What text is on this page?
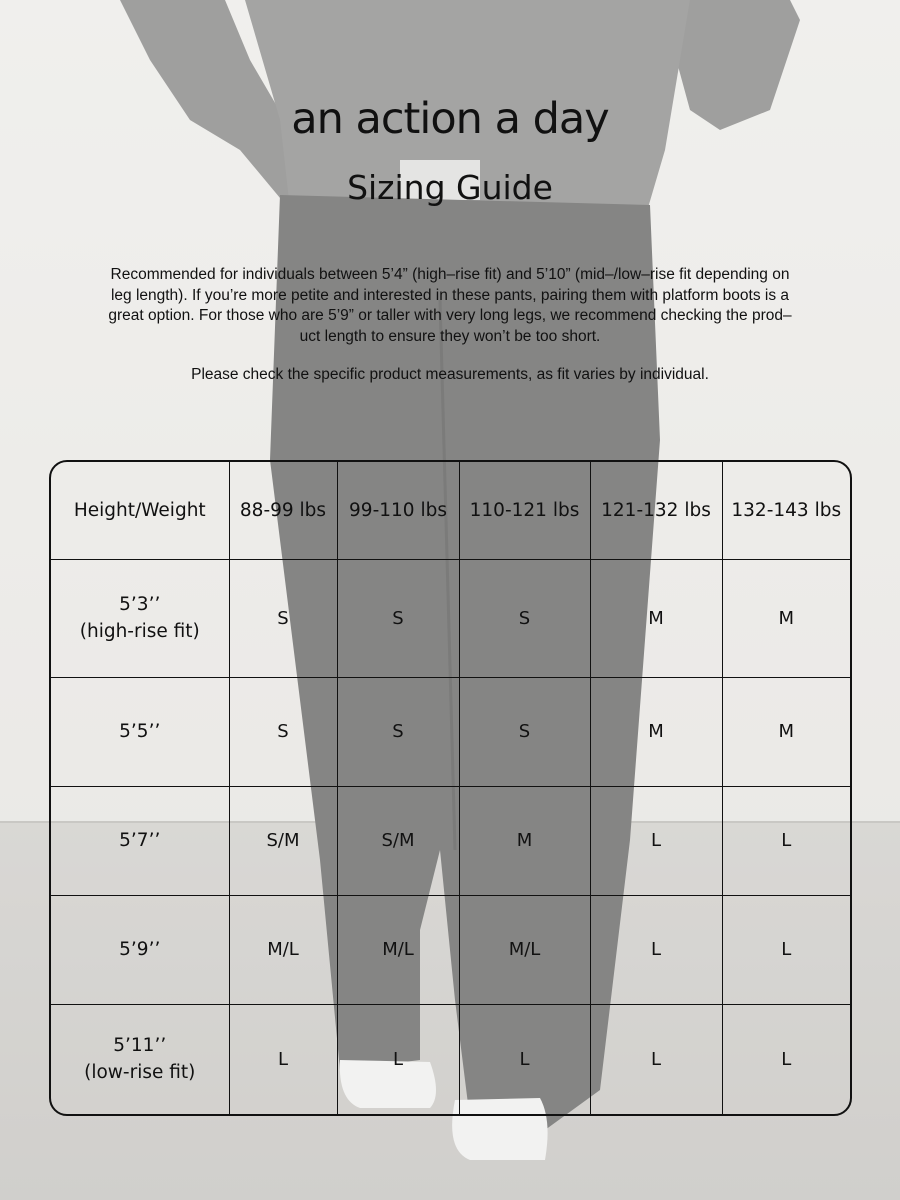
an action a day
Sizing Guide
Recommended for individuals between 5’4” (high–rise fit) and 5’10” (mid–/low–rise fit depending on
leg length). If you’re more petite and interested in these pants, pairing them with platform boots is a
great option. For those who are 5’9” or taller with very long legs, we recommend checking the prod–
uct length to ensure they won’t be too short.
Please check the specific product measurements, as fit varies by individual.
Height/Weight	88-99 lbs	99-110 lbs	110-121 lbs	121-132 lbs	132-143 lbs

5’3’’
(high-rise fit)	S	S	S	M	M

5’5’’	S	S	S	M	M

5’7’’	S/M	S/M	M	L	L

5’9’’	M/L	M/L	M/L	L	L

5’11’’
(low-rise fit)	L	L	L	L	L
